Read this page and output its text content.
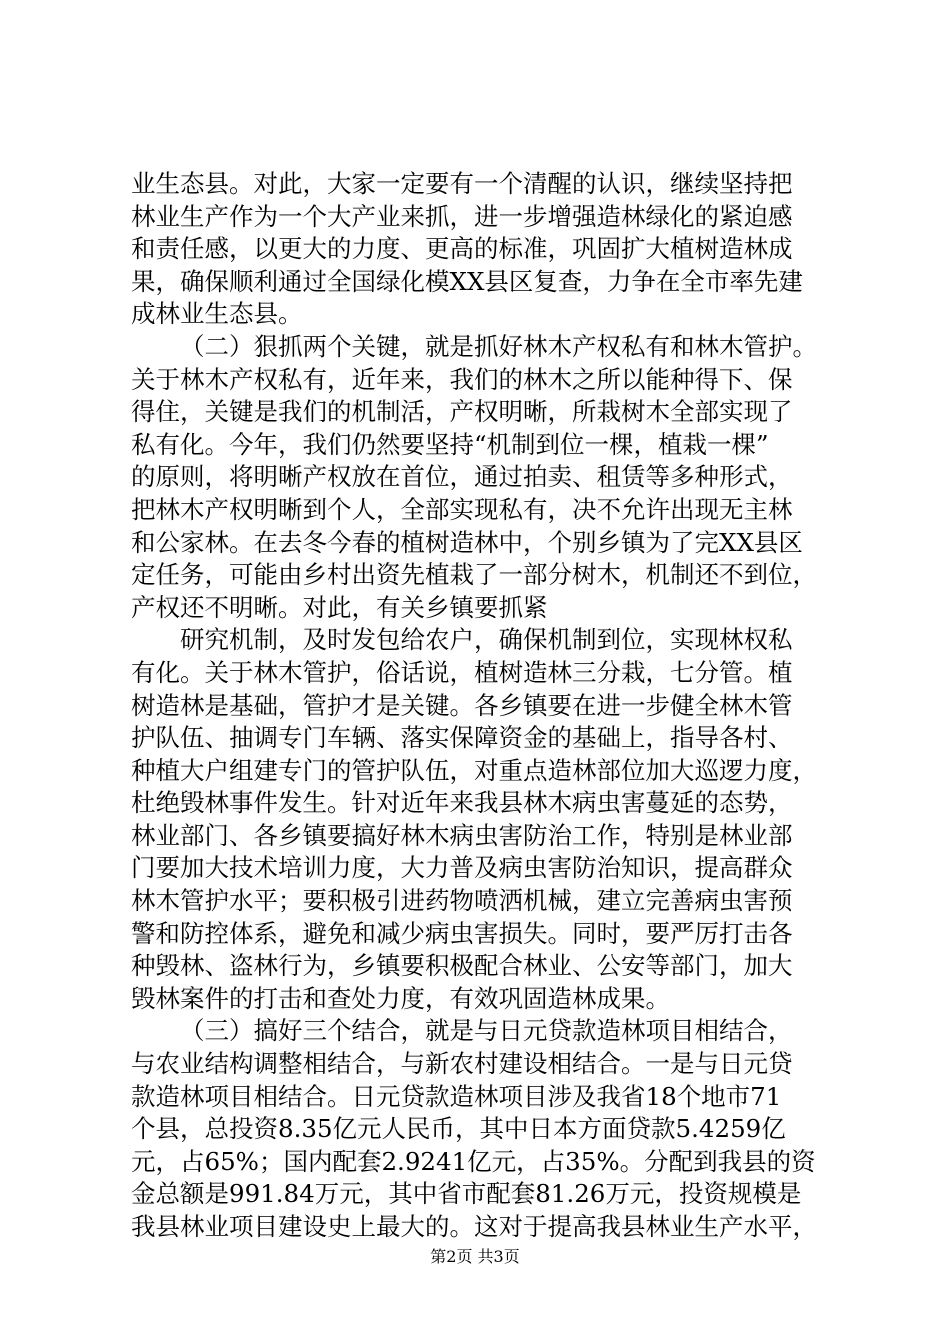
业生态县。对此，大家一定要有一个清醒的认识，继续坚持把
林业生产作为一个大产业来抓，进一步增强造林绿化的紧迫感
和责任感，以更大的力度、更高的标准，巩固扩大植树造林成
果，确保顺利通过全国绿化模XX县区复查，力争在全市率先建
成林业生态县。
（二）狠抓两个关键，就是抓好林木产权私有和林木管护。
关于林木产权私有，近年来，我们的林木之所以能种得下、保
得住，关键是我们的机制活，产权明晰，所栽树木全部实现了
私有化。今年，我们仍然要坚持“机制到位一棵，植栽一棵”
的原则，将明晰产权放在首位，通过拍卖、租赁等多种形式，
把林木产权明晰到个人，全部实现私有，决不允许出现无主林
和公家林。在去冬今春的植树造林中，个别乡镇为了完XX县区
定任务，可能由乡村出资先植栽了一部分树木，机制还不到位，
产权还不明晰。对此，有关乡镇要抓紧
研究机制，及时发包给农户，确保机制到位，实现林权私
有化。关于林木管护，俗话说，植树造林三分栽，七分管。植
树造林是基础，管护才是关键。各乡镇要在进一步健全林木管
护队伍、抽调专门车辆、落实保障资金的基础上，指导各村、
种植大户组建专门的管护队伍，对重点造林部位加大巡逻力度，
杜绝毁林事件发生。针对近年来我县林木病虫害蔓延的态势，
林业部门、各乡镇要搞好林木病虫害防治工作，特别是林业部
门要加大技术培训力度，大力普及病虫害防治知识，提高群众
林木管护水平；要积极引进药物喷洒机械，建立完善病虫害预
警和防控体系，避免和减少病虫害损失。同时，要严厉打击各
种毁林、盗林行为，乡镇要积极配合林业、公安等部门，加大
毁林案件的打击和查处力度，有效巩固造林成果。
（三）搞好三个结合，就是与日元贷款造林项目相结合，
与农业结构调整相结合，与新农村建设相结合。一是与日元贷
款造林项目相结合。日元贷款造林项目涉及我省18个地市71
个县，总投资8.35亿元人民币，其中日本方面贷款5.4259亿
元，占65%；国内配套2.9241亿元，占35%。分配到我县的资
金总额是991.84万元，其中省市配套81.26万元，投资规模是
我县林业项目建设史上最大的。这对于提高我县林业生产水平，
第2页 共3页
